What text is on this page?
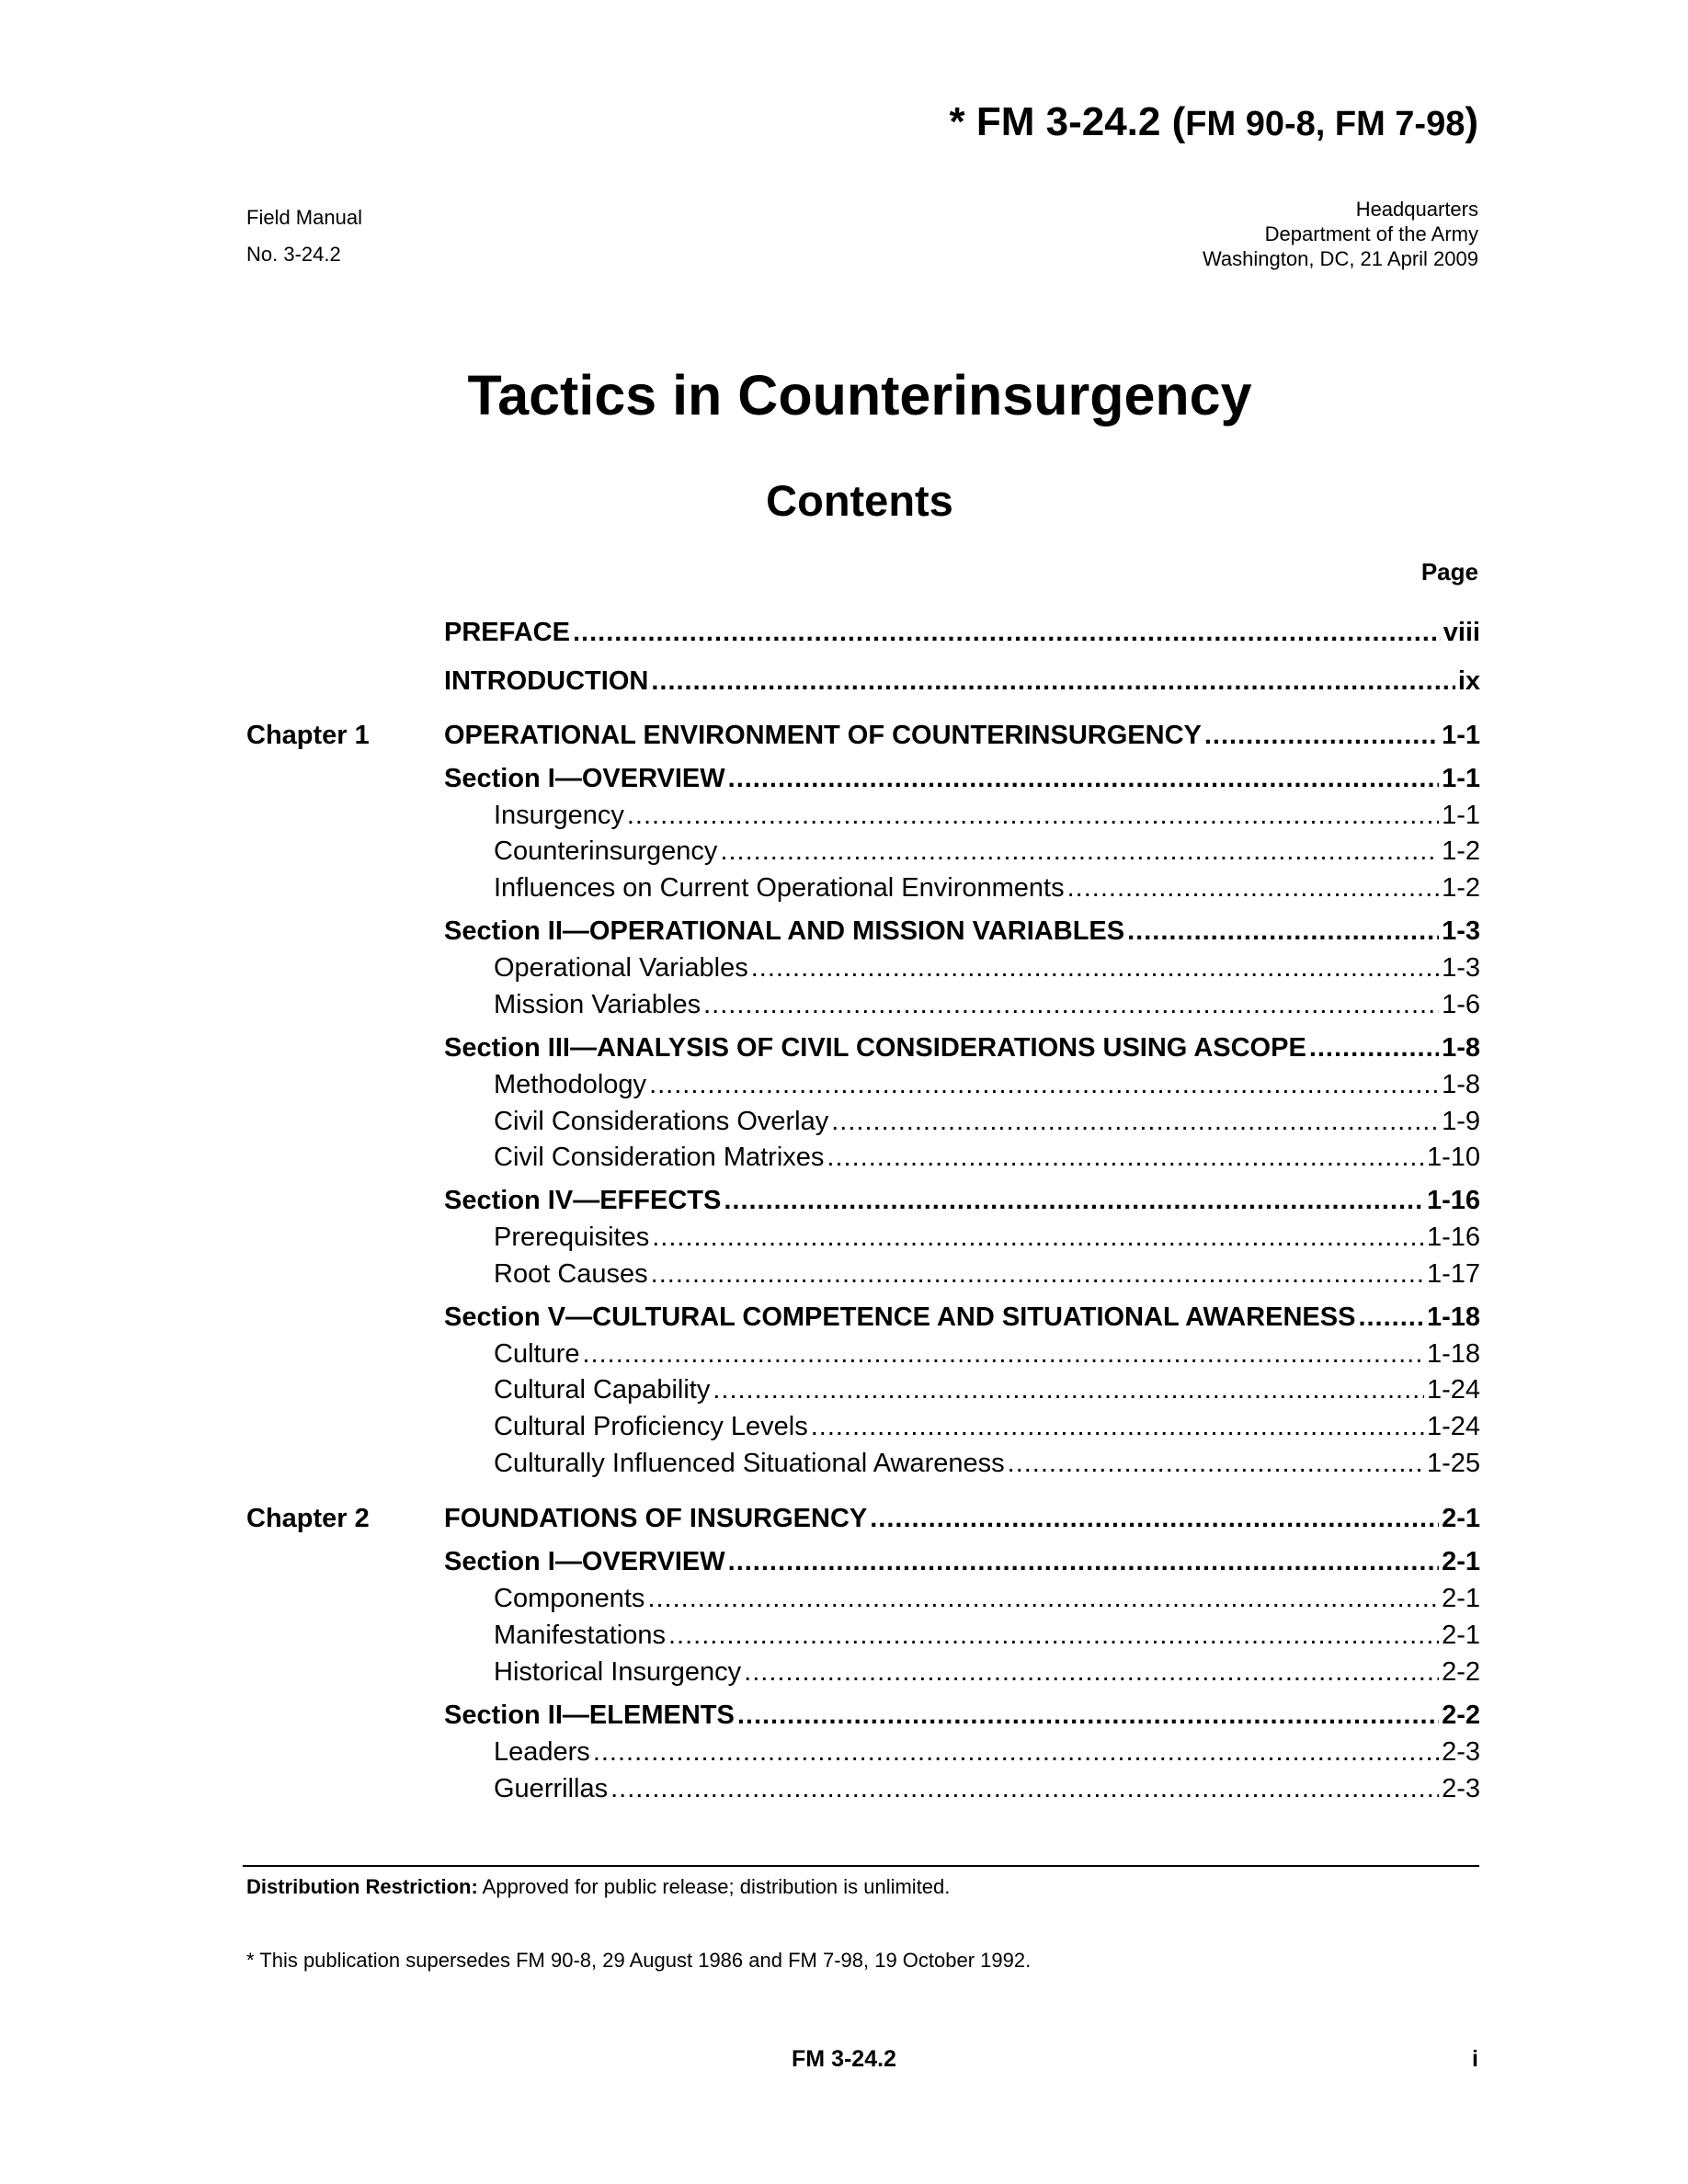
* FM 3-24.2 (FM 90-8, FM 7-98)
Field Manual
No. 3-24.2
Headquarters
Department of the Army
Washington, DC, 21 April 2009
Tactics in Counterinsurgency
Contents
Page
PREFACE .....	viii
INTRODUCTION .....	ix
Chapter 1	OPERATIONAL ENVIRONMENT OF COUNTERINSURGENCY .....	1-1
Section I—OVERVIEW .....	1-1
Insurgency .....	1-1
Counterinsurgency .....	1-2
Influences on Current Operational Environments .....	1-2
Section II—OPERATIONAL AND MISSION VARIABLES .....	1-3
Operational Variables .....	1-3
Mission Variables .....	1-6
Section III—ANALYSIS OF CIVIL CONSIDERATIONS USING ASCOPE .....	1-8
Methodology .....	1-8
Civil Considerations Overlay .....	1-9
Civil Consideration Matrixes .....	1-10
Section IV—EFFECTS .....	1-16
Prerequisites .....	1-16
Root Causes .....	1-17
Section V—CULTURAL COMPETENCE AND SITUATIONAL AWARENESS .....	1-18
Culture .....	1-18
Cultural Capability .....	1-24
Cultural Proficiency Levels .....	1-24
Culturally Influenced Situational Awareness .....	1-25
Chapter 2	FOUNDATIONS OF INSURGENCY .....	2-1
Section I—OVERVIEW .....	2-1
Components .....	2-1
Manifestations .....	2-1
Historical Insurgency .....	2-2
Section II—ELEMENTS .....	2-2
Leaders .....	2-3
Guerrillas .....	2-3
Distribution Restriction: Approved for public release; distribution is unlimited.
* This publication supersedes FM 90-8, 29 August 1986 and FM 7-98, 19 October 1992.
FM 3-24.2	i
